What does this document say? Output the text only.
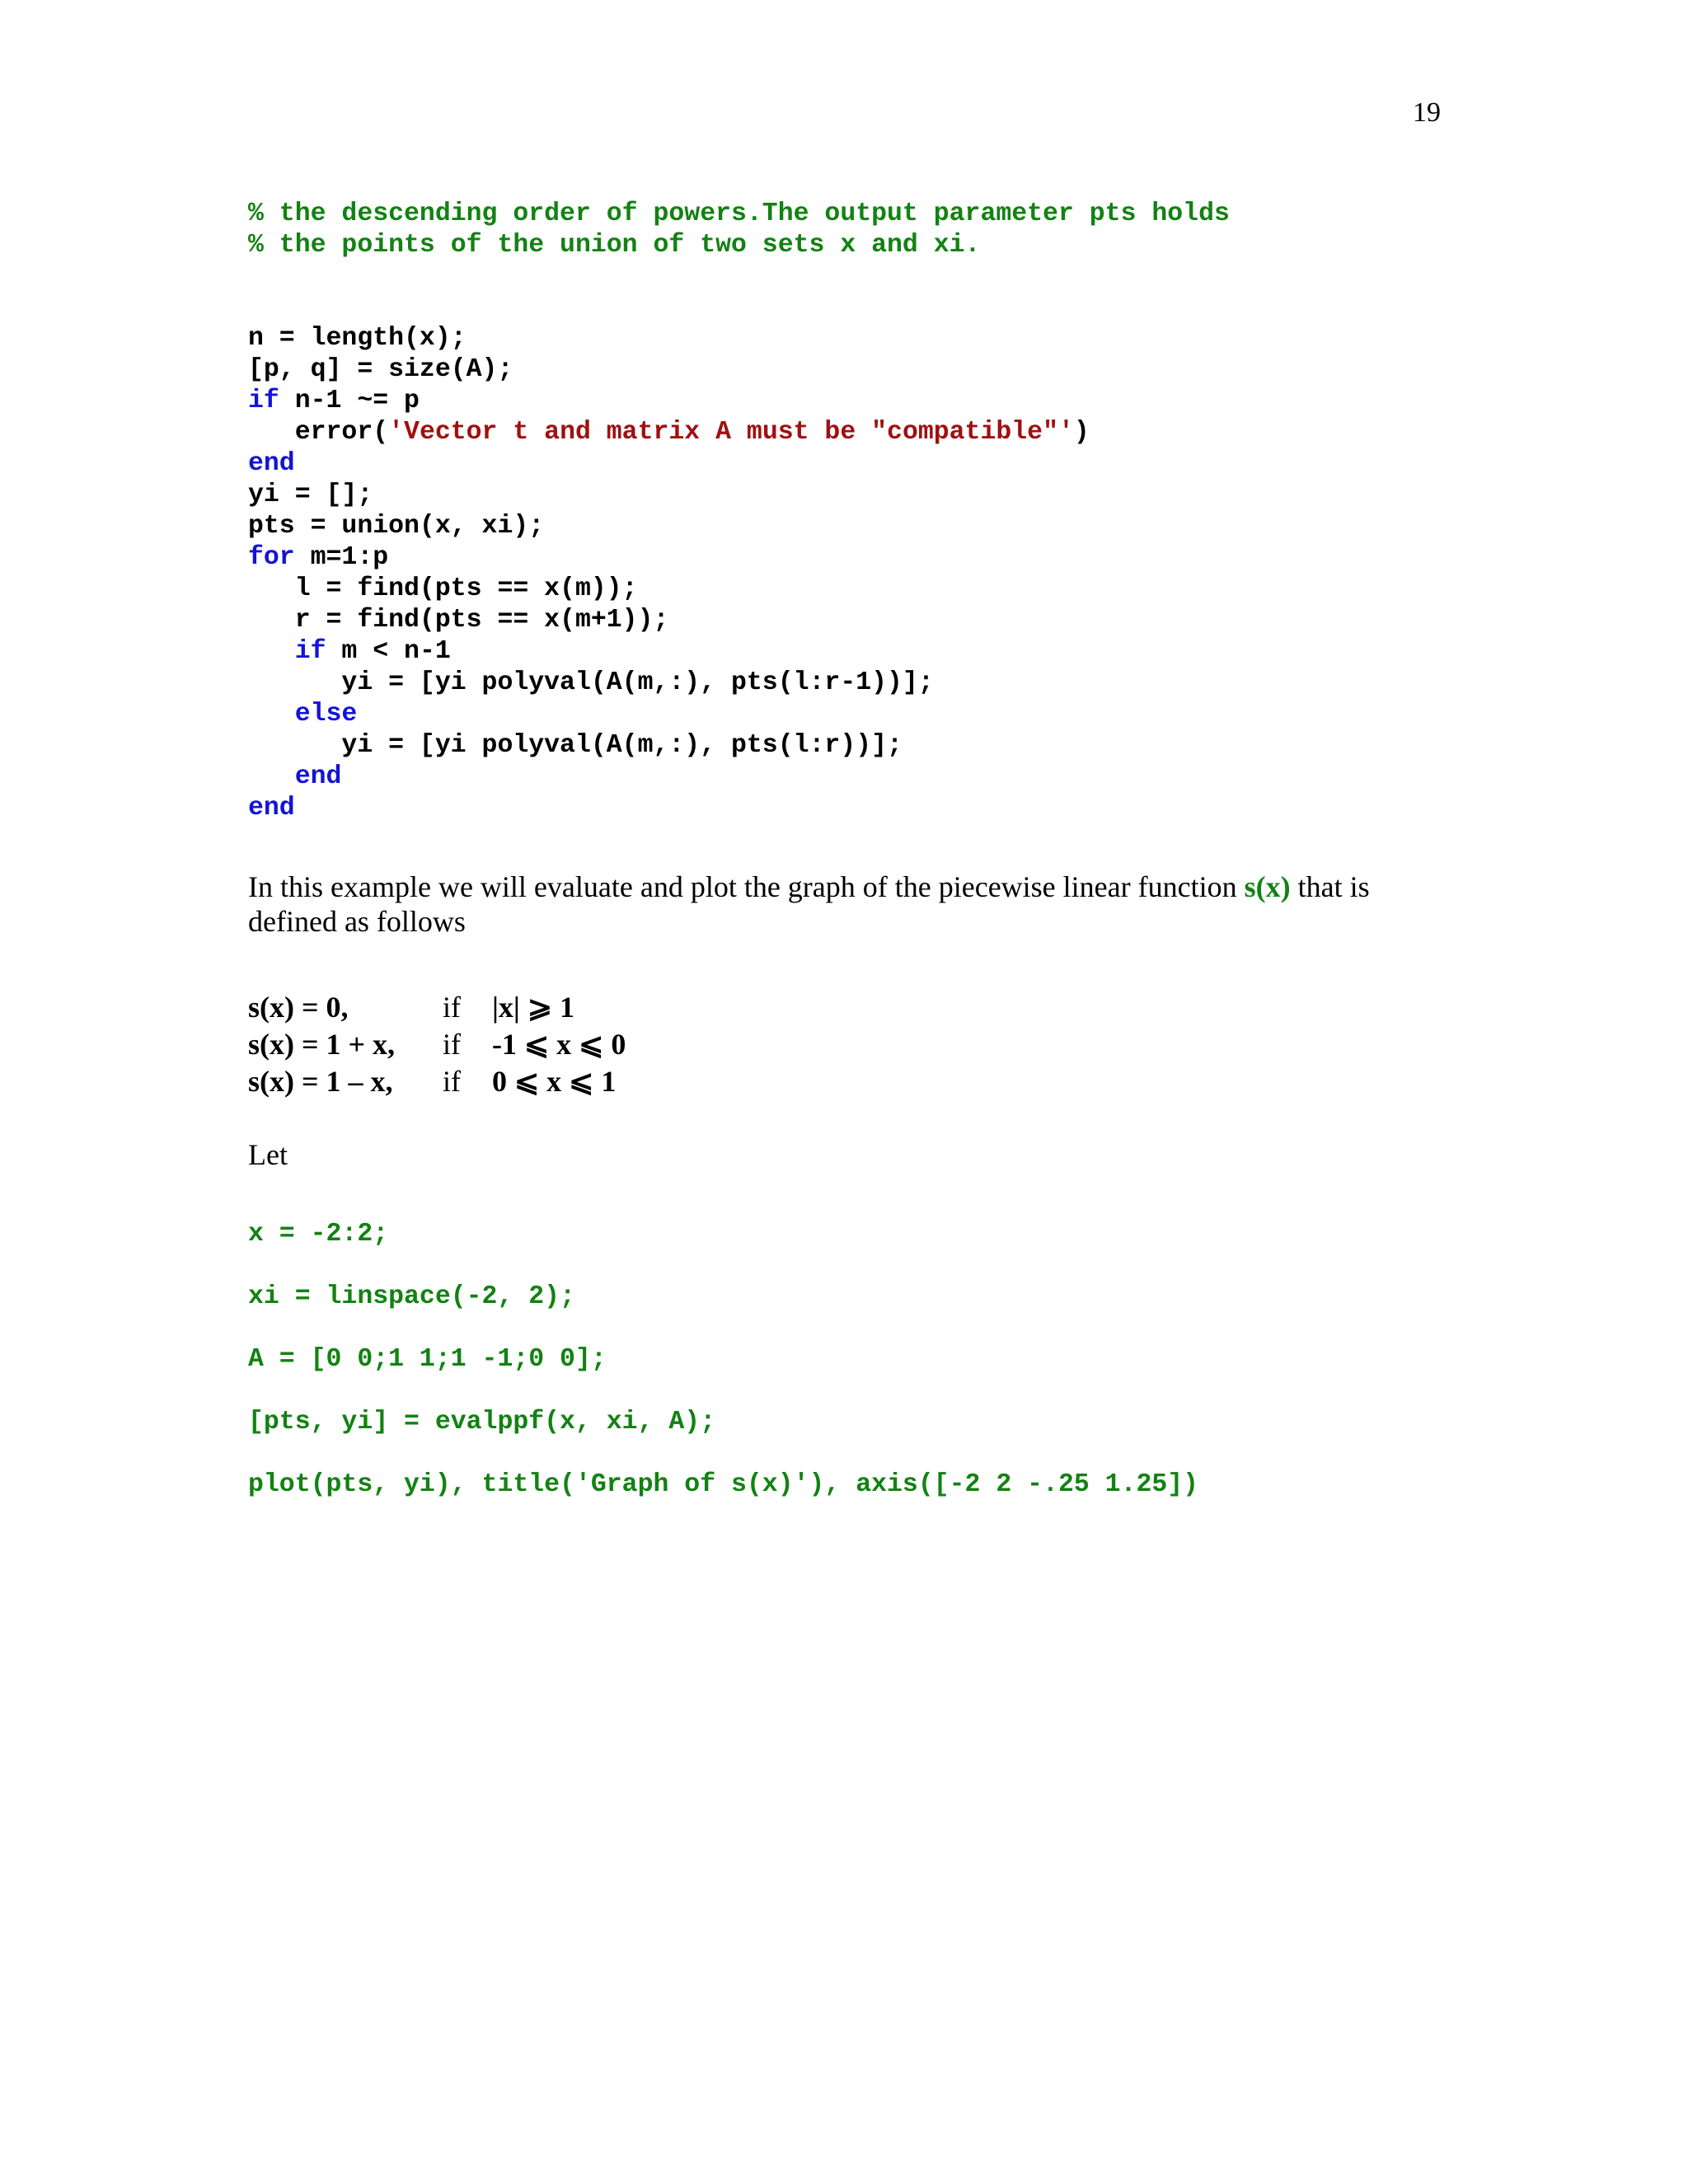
19
% the descending order of powers.The output parameter pts holds
% the points of the union of two sets x and xi.
n = length(x);
[p, q] = size(A);
if n-1 ~= p
error('Vector t and matrix A must be "compatible"')
end
yi = [];
pts = union(x, xi);
for m=1:p
l = find(pts == x(m));
r = find(pts == x(m+1));
if m < n-1
yi = [yi polyval(A(m,:), pts(l:r-1))];
else
yi = [yi polyval(A(m,:), pts(l:r))];
end
end

In this example we will evaluate and plot the graph of the piecewise linear function s(x) that is defined as follows

s(x) = 0,	if |x| ⩾ 1
s(x) = 1 + x, if -1 ⩽ x ⩽ 0
s(x) = 1 – x, if 0 ⩽ x ⩽ 1
Let
x = -2:2;
xi = linspace(-2, 2);
A = [0 0;1 1;1 -1;0 0];
[pts, yi] = evalppf(x, xi, A);
plot(pts, yi), title('Graph of s(x)'), axis([-2 2 -.25 1.25])
